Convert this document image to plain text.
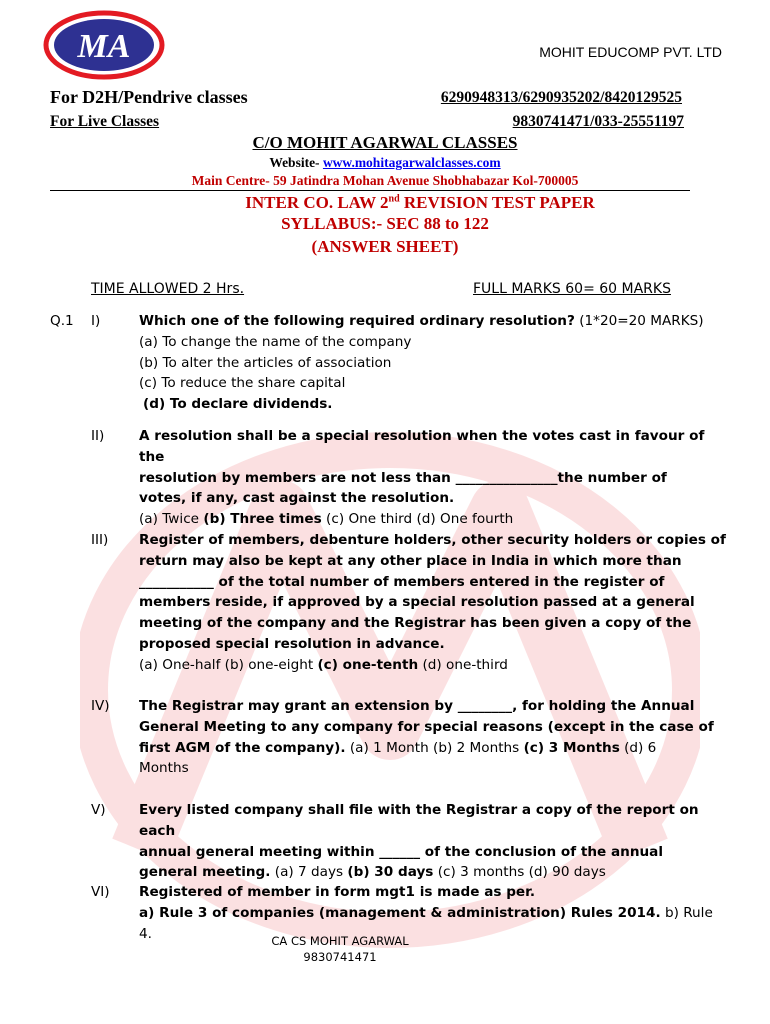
MA	MOHIT EDUCOMP PVT. LTD
For D2H/Pendrive classes	6290948313/6290935202/8420129525
For Live Classes	9830741471/033-25551197
C/O MOHIT AGARWAL CLASSES
Website- www.mohitagarwalclasses.com
Main Centre- 59 Jatindra Mohan Avenue Shobhabazar Kol-700005
INTER CO. LAW 2nd REVISION TEST PAPER
SYLLABUS:- SEC 88 to 122
(ANSWER SHEET)
TIME ALLOWED 2 Hrs.	FULL MARKS 60= 60 MARKS
Q.1 I)	Which one of the following required ordinary resolution? (1*20=20 MARKS)
(a) To change the name of the company
(b) To alter the articles of association
(c) To reduce the share capital
(d) To declare dividends.
II)	A resolution shall be a special resolution when the votes cast in favour of the
resolution by members are not less than _______________the number of
votes, if any, cast against the resolution.
(a) Twice (b) Three times (c) One third (d) One fourth
III) Register of members, debenture holders, other security holders or copies of
return may also be kept at any other place in India in which more than
___________ of the total number of members entered in the register of
members reside, if approved by a special resolution passed at a general
meeting of the company and the Registrar has been given a copy of the
proposed special resolution in advance.
(a) One-half (b) one-eight (c) one-tenth (d) one-third
IV) The Registrar may grant an extension by ________, for holding the Annual
General Meeting to any company for special reasons (except in the case of
first AGM of the company). (a) 1 Month (b) 2 Months (c) 3 Months (d) 6
Months
V) Every listed company shall file with the Registrar a copy of the report on each
annual general meeting within ______ of the conclusion of the annual
general meeting. (a) 7 days (b) 30 days (c) 3 months (d) 90 days
VI) Registered of member in form mgt1 is made as per.
a) Rule 3 of companies (management & administration) Rules 2014. b) Rule 4.	CA CS MOHIT AGARWAL
9830741471
